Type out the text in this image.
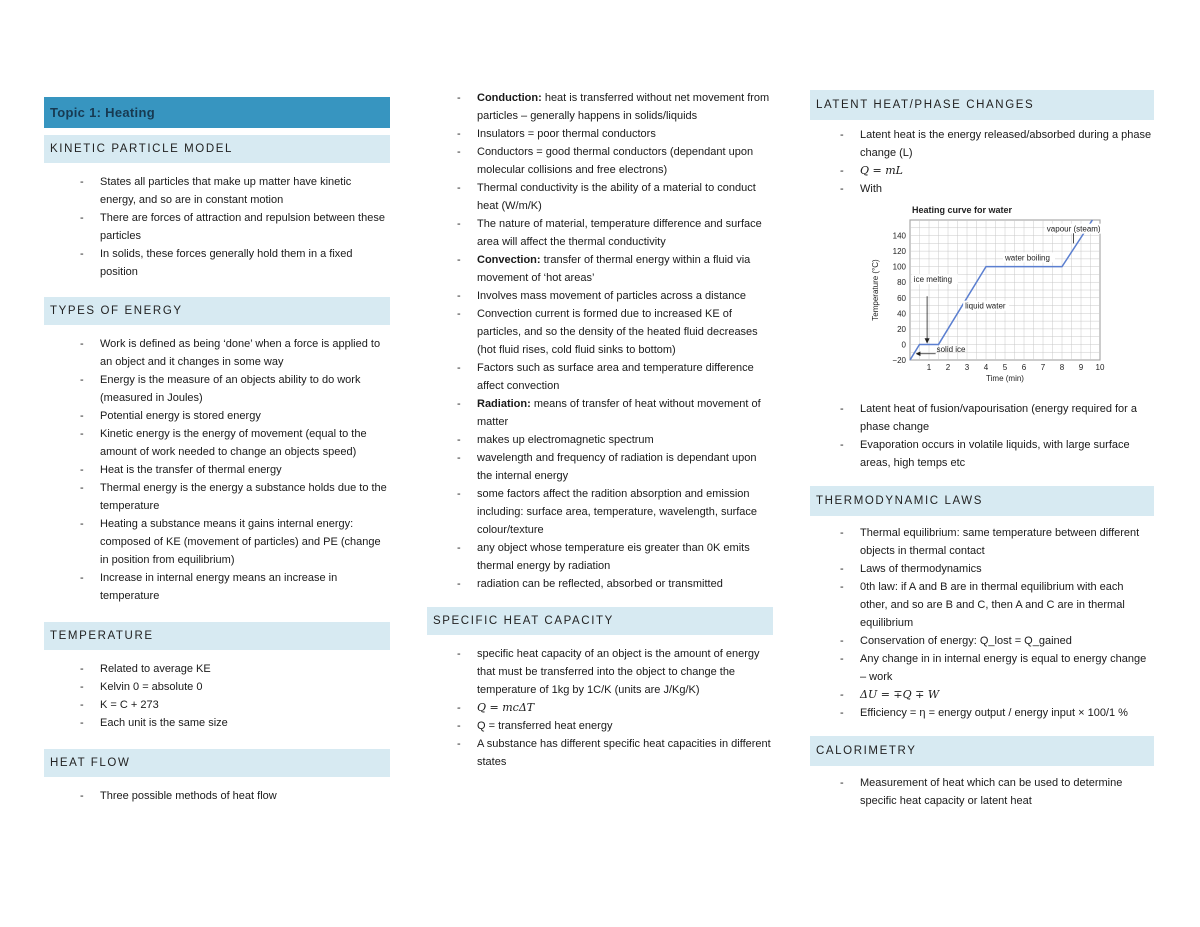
Topic 1: Heating
KINETIC PARTICLE MODEL
- States all particles that make up matter have kinetic energy, and so are in constant motion
- There are forces of attraction and repulsion between these particles
- In solids, these forces generally hold them in a fixed position
TYPES OF ENERGY
- Work is defined as being ‘done’ when a force is applied to an object and it changes in some way
- Energy is the measure of an objects ability to do work (measured in Joules)
- Potential energy is stored energy
- Kinetic energy is the energy of movement (equal to the amount of work needed to change an objects speed)
- Heat is the transfer of thermal energy
- Thermal energy is the energy a substance holds due to the temperature
- Heating a substance means it gains internal energy: composed of KE (movement of particles) and PE (change in position from equilibrium)
- Increase in internal energy means an increase in temperature
TEMPERATURE
- Related to average KE
- Kelvin 0 = absolute 0
- K = C + 273
- Each unit is the same size
HEAT FLOW
- Three possible methods of heat flow
- Conduction: heat is transferred without net movement from particles – generally happens in solids/liquids
- Insulators = poor thermal conductors
- Conductors = good thermal conductors (dependant upon molecular collisions and free electrons)
- Thermal conductivity is the ability of a material to conduct heat (W/m/K)
- The nature of material, temperature difference and surface area will affect the thermal conductivity
- Convection: transfer of thermal energy within a fluid via movement of ‘hot areas’
- Involves mass movement of particles across a distance
- Convection current is formed due to increased KE of particles, and so the density of the heated fluid decreases (hot fluid rises, cold fluid sinks to bottom)
- Factors such as surface area and temperature difference affect convection
- Radiation: means of transfer of heat without movement of matter
- makes up electromagnetic spectrum
- wavelength and frequency of radiation is dependant upon the internal energy
- some factors affect the radition absorption and emission including: surface area, temperature, wavelength, surface colour/texture
- any object whose temperature eis greater than 0K emits thermal energy by radiation
- radiation can be reflected, absorbed or transmitted
SPECIFIC HEAT CAPACITY
- specific heat capacity of an object is the amount of energy that must be transferred into the object to change the temperature of 1kg by 1C/K (units are J/Kg/K)
- Q = mcΔT
- Q = transferred heat energy
- A substance has different specific heat capacities in different states
LATENT HEAT/PHASE CHANGES
- Latent heat is the energy released/absorbed during a phase change (L)
- Q = mL
- With
- Latent heat of fusion/vapourisation (energy required for a phase change
- Evaporation occurs in volatile liquids, with large surface areas, high temps etc
THERMODYNAMIC LAWS
- Thermal equilibrium: same temperature between different objects in thermal contact
- Laws of thermodynamics
- 0th law: if A and B are in thermal equilibrium with each other, and so are B and C, then A and C are in thermal equilibrium
- Conservation of energy: Q_lost = Q_gained
- Any change in in internal energy is equal to energy change – work
- ΔU = ∓Q ∓ W
- Efficiency = η = energy output / energy input × 100/1 %
CALORIMETRY
- Measurement of heat which can be used to determine specific heat capacity or latent heat
Heating curve for water
−20
0
20
40
60
80
100
120
140
1 2 3 4 5 6 7 8 9 10
Time (min)
Temperature (°C)
vapour (steam)
water boiling
ice melting
liquid water
solid ice
